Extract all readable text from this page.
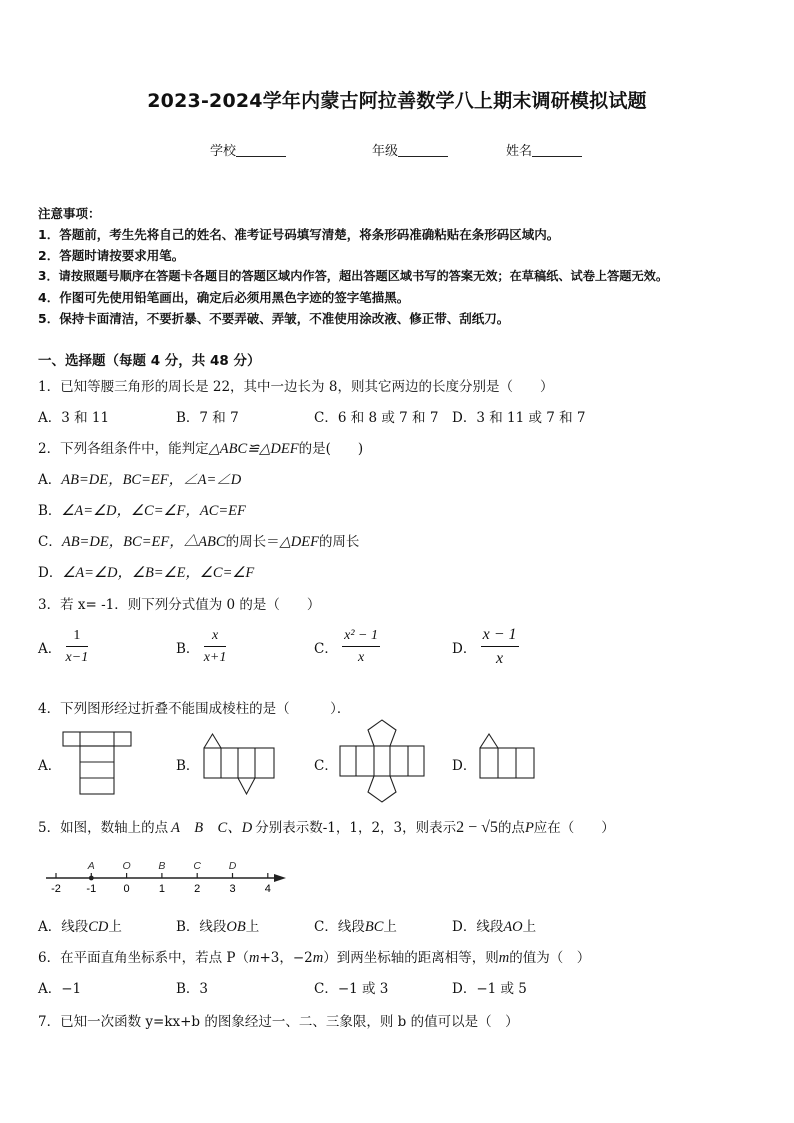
2023-2024学年内蒙古阿拉善数学八上期末调研模拟试题
学校	年级	姓名
注意事项：
1．答题前，考生先将自己的姓名、准考证号码填写清楚，将条形码准确粘贴在条形码区域内。
2．答题时请按要求用笔。
3．请按照题号顺序在答题卡各题目的答题区域内作答，超出答题区域书写的答案无效；在草稿纸、试卷上答题无效。
4．作图可先使用铅笔画出，确定后必须用黑色字迹的签字笔描黑。
5．保持卡面清洁，不要折暴、不要弄破、弄皱，不准使用涂改液、修正带、刮纸刀。
一、选择题（每题 4 分，共 48 分）
1．已知等腰三角形的周长是 22，其中一边长为 8，则其它两边的长度分别是（　　）
A．3 和 11	B．7 和 7	C．6 和 8 或 7 和 7 D．3 和 11 或 7 和 7
2．下列各组条件中，能判定△ABC≌△DEF的是(　　)
A．AB=DE，BC=EF，∠A=∠D
B．∠A=∠D，∠C=∠F，AC=EF
C．AB=DE，BC=EF，△ABC的周长＝△DEF的周长
D．∠A=∠D，∠B=∠E，∠C=∠F
3．若 x= -1．则下列分式值为 0 的是（　　）
A． $\frac{1}{x-1}$	B． $\frac{x}{x+1}$	C． $\frac{\text{x² − 1}}{x}$	D． $\frac{x - 1}{x}$
4．下列图形经过折叠不能围成棱柱的是（　　　）．
A．	B．	C．	D．
5．如图，数轴上的点 A　B　C、D 分别表示数-1，1，2，3，则表示2 − √5的点P应在（　　）
-2 -1 0	1	2	3	4
A	O	B	C	D
A．线段CD上	B．线段OB上	C．线段BC上	D．线段AO上
6．在平面直角坐标系中，若点 P（m+3，−2m）到两坐标轴的距离相等，则m的值为（　）
A．−1	B．3	C．−1 或 3	D．−1 或 5
7．已知一次函数 y=kx+b 的图象经过一、二、三象限，则 b 的值可以是（　）
